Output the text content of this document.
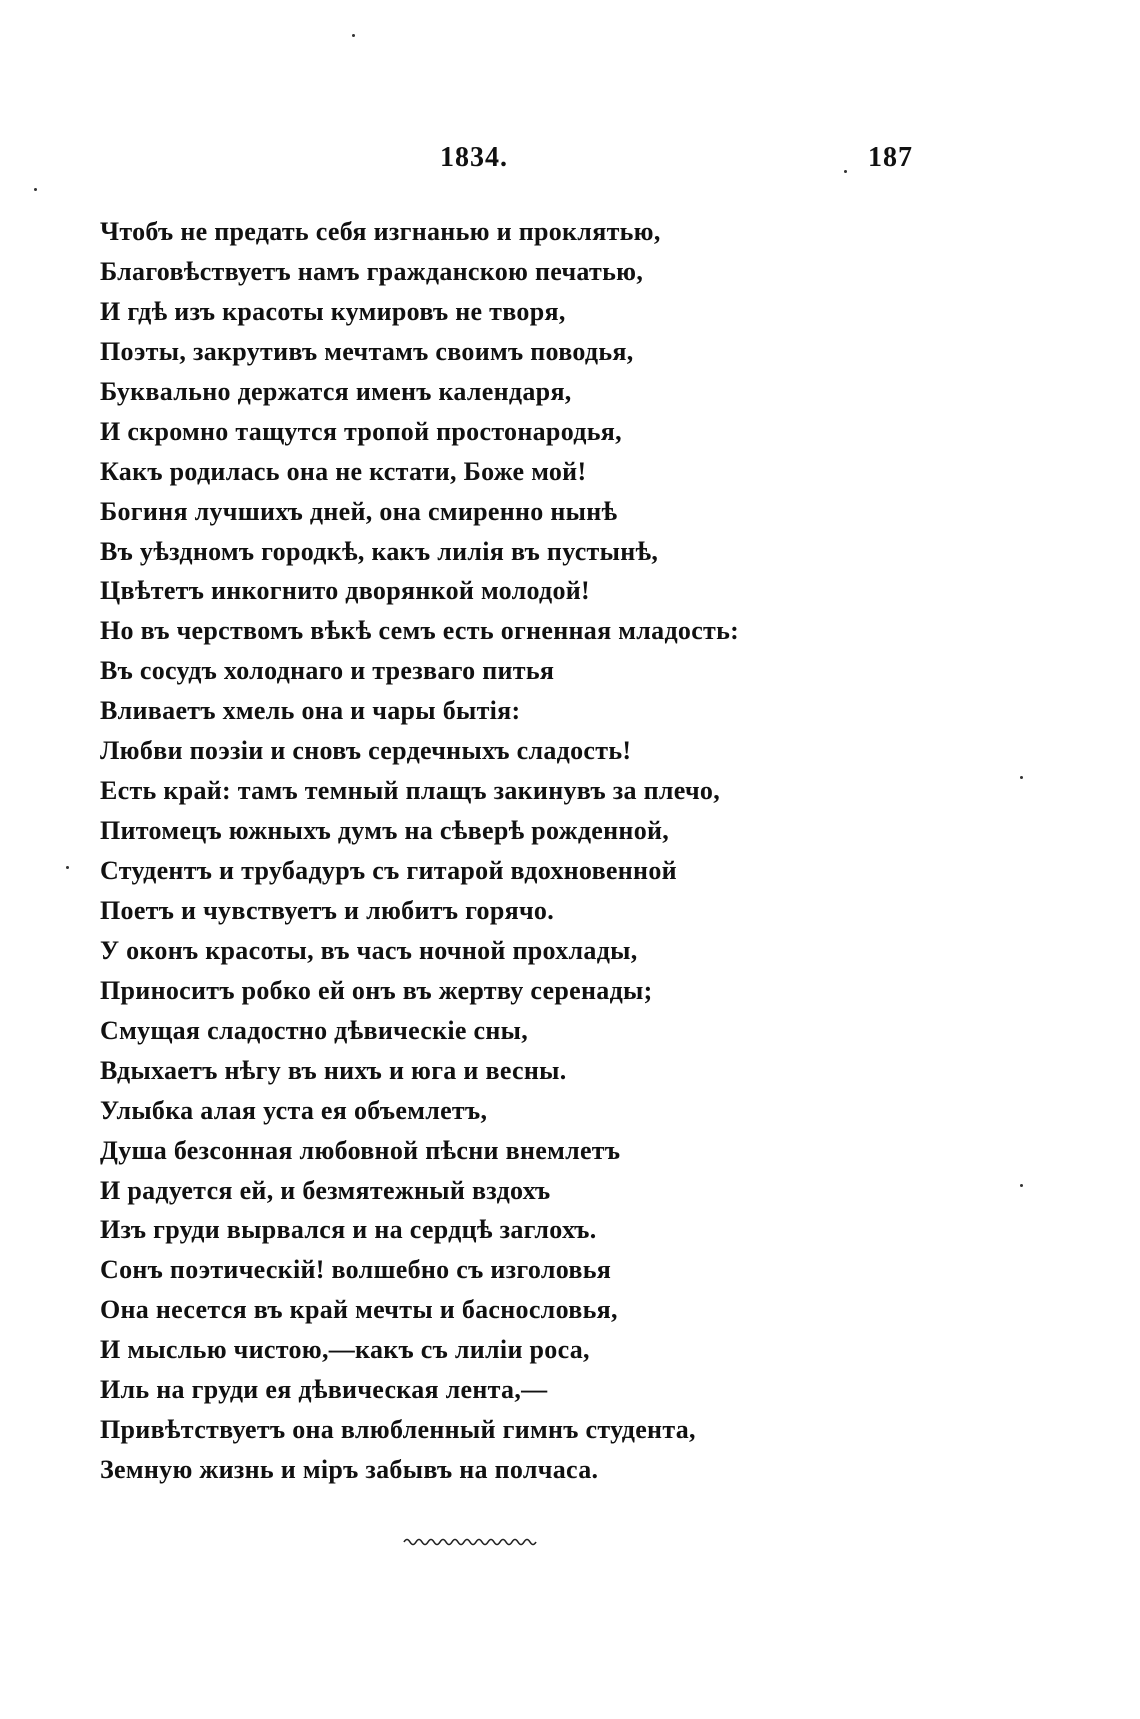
1834.	187
Чтобъ не предать себя изгнанью и проклятью,
Благовѣствуетъ намъ гражданскою печатью,
И гдѣ изъ красоты кумировъ не творя,
Поэты, закрутивъ мечтамъ своимъ поводья,
Буквально держатся именъ календаря,
И скромно тащутся тропой простонародья,
Какъ родилась она не кстати, Боже мой!
Богиня лучшихъ дней, она смиренно нынѣ
Въ уѣздномъ городкѣ, какъ лилія въ пустынѣ,
Цвѣтетъ инкогнито дворянкой молодой!
Но въ черствомъ вѣкѣ семъ есть огненная младость:
Въ сосудъ холоднаго и трезваго питья
Вливаетъ хмель она и чары бытія:
Любви поэзіи и сновъ сердечныхъ сладость!
Есть край: тамъ темный плащъ закинувъ за плечо,
Питомецъ южныхъ думъ на сѣверѣ рожденной,
Студентъ и трубадуръ съ гитарой вдохновенной
Поетъ и чувствуетъ и любитъ горячо.
У оконъ красоты, въ часъ ночной прохлады,
Приноситъ робко ей онъ въ жертву серенады;
Смущая сладостно дѣвическіе сны,
Вдыхаетъ нѣгу въ нихъ и юга и весны.
Улыбка алая уста ея объемлетъ,
Душа безсонная любовной пѣсни внемлетъ
И радуется ей, и безмятежный вздохъ
Изъ груди вырвался и на сердцѣ заглохъ.
Сонъ поэтическій! волшебно съ изголовья
Она несется въ край мечты и баснословья,
И мыслью чистою,—какъ съ лиліи роса,
Иль на груди ея дѣвическая лента,—
Привѣтствуетъ она влюбленный гимнъ студента,
Земную жизнь и міръ забывъ на полчаса.
